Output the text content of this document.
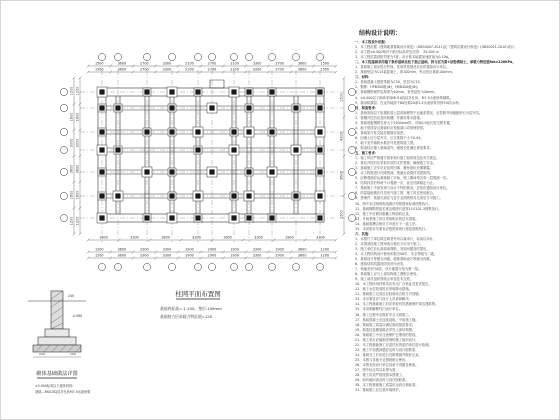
1500	3600	2700	3300	2100	2700	2100	3300	2700	3600	1500
1500	3600	2700	3300	2100	2700	2100	3300	2700	3600	1500
1800	3300	1800	3300	1800	3300	1800	3300
1200	3600	2900	3300	1900	2900	1900	3300	2900	3600	1200
1200	3600	2900	3300	1900	2900	1900	3300	2900	3600	1200
1200
1800
3000
3600
1800
1200
1200
1800
3000
3600
1800
1200
1500
4200
3600
1500
柱网平面布置图
基础底标高=-1.200，垫层-100mm
基础持力层承载力特征值=120
100	100
240
-0.060
砌体基础做法详图
±0.000标高以下墙体材料：
基础---MU10烧结多孔砖M7.5水泥砂浆
结构设计说明：
一、本工程设计依据：
1、本工程依据《建筑地基基础设计规范》(GB50007-2011)及《建筑抗震设计规范》(GB50011-2010)设计。
2、本工程±0.000相对于绝对标高详见总图： 35.500 m
3、本工程抗震设防烈度为7度，设计基本地震加速度值为0.10g。
二、本工程基础采用墙下条形基础及柱下独立基础，持力层为第②层粉质粘土，承载力特征值fak=120KPa。
1、基础施工前应进行钎探，发现异常情况应及时通知设计单位。
2、基础垫层为C15素混凝土，厚100mm，每边宽出基础100mm。
三、材料：
1、基础混凝土强度等级为C30，垫层为C15。
2、钢筋：HPB300级(Φ)，HRB400级(Φ)。
3、基础钢筋保护层厚度为40mm，有垫层时为40mm。
4、±0.000以下砌体采用MU10烧结多孔砖，M7.5水泥砂浆砌筑。
5、墙身防潮层：在室内地面下60处做20厚1:2水泥砂浆内掺5%防水剂。
四、构造要求：
1、基础底面以下如遇软弱土层或暗塘等不良地质情况，应挖除并用级配砂石分层夯实。
2、基槽开挖后应及时验槽，并做好排水措施。
3、基础底板钢筋长度大于2500mm时，可取0.9倍长度交错布置。
4、地下管线穿过基础时应预留洞口或预埋套管。
5、基础梁与柱交接处箍筋应加密。
6、回填土应分层夯实，压实系数不小于0.94。
7、地下室外墙防水做法详见建筑施工图。
8、构造柱应锚入基础梁内，锚固长度满足规范要求。
五、施工要求：
1、施工时应严格遵守国家现行施工验收规范及有关规定。
2、基坑开挖时应采取有效的支护措施，确保施工安全。
3、基础施工完毕后应及时回填，避免基坑长期暴露。
4、本工程需进行沉降观测，观测点设置详见建筑图。
5、沉降观测应从基础施工开始，施工期间每完成一层观测一次。
6、结构封顶后每两个月观测一次，直至沉降稳定为止。
7、基础施工中如发现与设计不符的情况，应及时通知设计单位。
8、防雷接地做法详见电气施工图，施工时应密切配合。
9、预埋件、预留孔洞应与各专业图纸核对无误后方可施工。
10、图中未注明的构造做法均按国家标准图集执行。
11、基础钢筋搭接长度及锚固长度按11G101-3图集执行。
12、施工中应做好隐蔽工程验收记录。
13、冬雨季施工时应采取相应的技术措施。
14、基础验槽合格后方可进行下一道工序。
15、本说明未尽事宜应按国家现行规范规程执行。
六、其他：
1、本图尺寸单位除注明者外均以毫米计，标高以米计。
2、本图须经施工图审查合格后方可用于施工。
3、施工单位应认真阅读图纸，发现问题及时提出。
4、本工程结构设计使用年限为50年，安全等级为二级。
5、基础设计等级为丙级，地基基础设计等级为丙级。
6、建筑结构抗震设防类别为丙类。
7、场地类别为Ⅱ类，设计地震分组为第一组。
8、基础施工应与上部结构施工图配合使用。
9、施工前应组织图纸会审及技术交底。
10、本工程所用材料均应有出厂合格证及复试报告。
11、地下水位较高时应采取降水措施。
12、基础施工完成后应经验收合格方可回填。
13、未尽事宜应与设计人员协商解决。
14、本工程基础施工时应采取有效措施保护周边建筑物。
15、本说明解释权归设计单位。
16、施工过程中应做好安全文明施工。
17、基础混凝土应连续浇筑，不留施工缝。
18、基础施工质量应满足验收规范要求。
19、构造柱及圈梁做法详见上部结构图。
20、基础施工中应注意保护已埋设的管线。
21、施工单位应编制详细的施工组织设计。
22、本工程基础施工应委托有资质的单位进行检测。
23、施工中如遇问题应及时与设计院联系。
24、基础完工后应进行沉降观测并做好记录。
25、本图与其他专业图纸配合使用。
26、本图未经设计单位同意不得擅自修改。
27、图中标注均以本图为准。
28、施工时须严格按照本图施工。
29、如有疑问请及时与设计院联系。
30、本工程基础施工质量应达到合格标准。
31、基础施工应注意环境保护。
